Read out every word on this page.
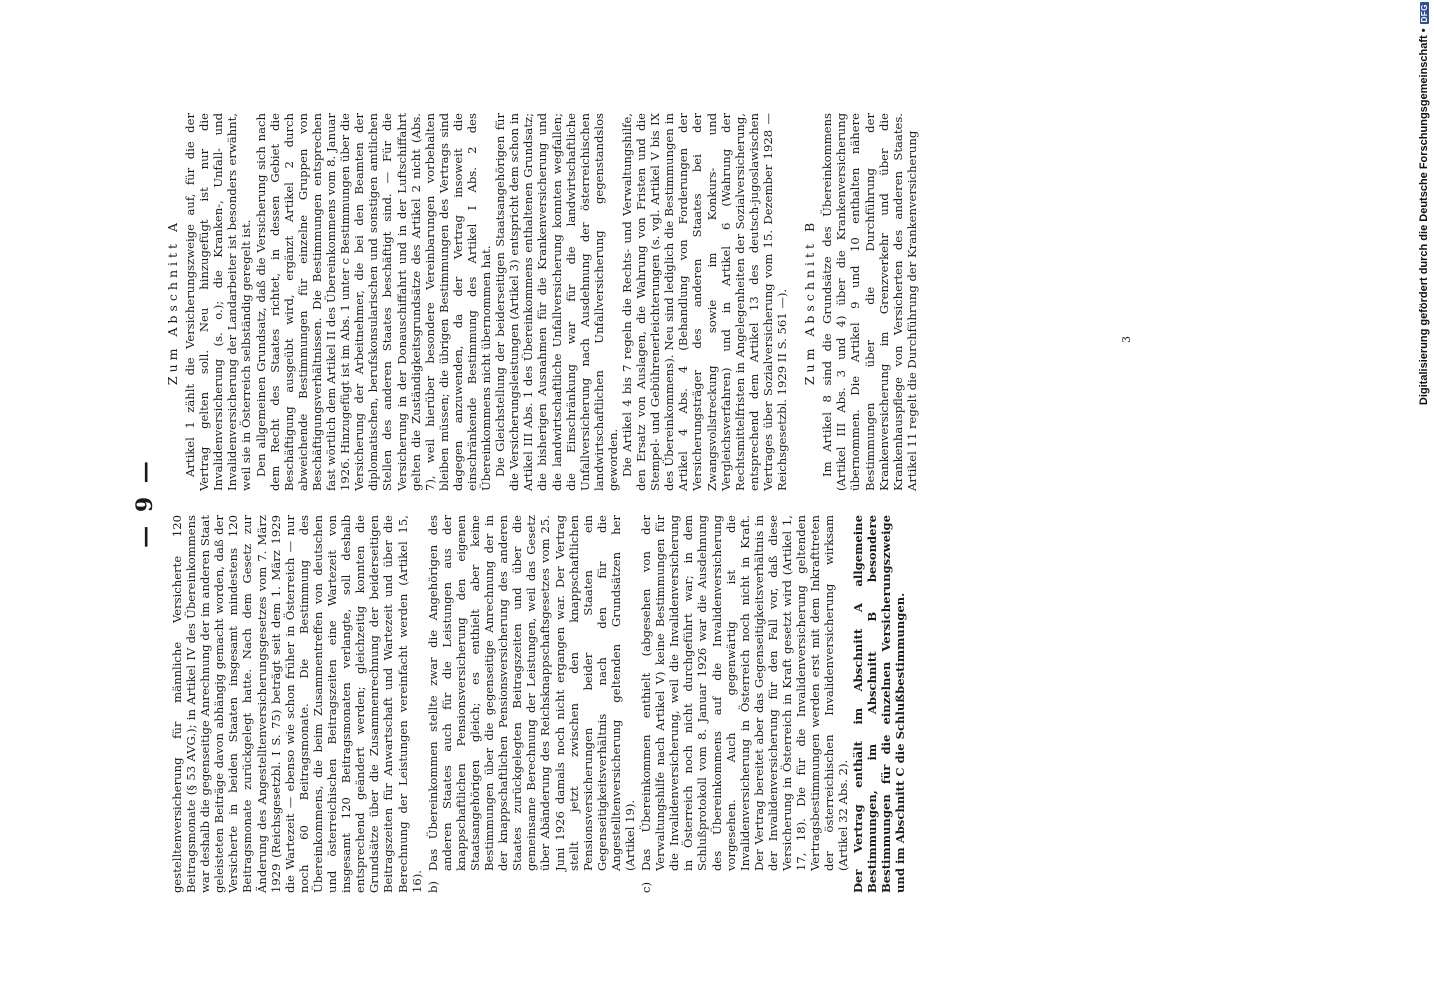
— 9 —

gestelltenversicherung für männliche Versicherte 120 Beitragsmonate (§ 53 AVG.); in Artikel IV des Übereinkommens war deshalb die gegenseitige Anrechnung der im anderen Staat geleisteten Beiträge davon abhängig gemacht worden, daß der Versicherte in beiden Staaten insgesamt mindestens 120 Beitragsmonate zurückgelegt hatte. Nach dem Gesetz zur Änderung des Angestelltenversicherungsgesetzes vom 7. März 1929 (Reichsgesetzbl. I S. 75) beträgt seit dem 1. März 1929 die Wartezeit — ebenso wie schon früher in Österreich — nur noch 60 Beitragsmonate. Die Bestimmung des Übereinkommens, die beim Zusammentreffen von deutschen und österreichischen Beitragszeiten eine Wartezeit von insgesamt 120 Beitragsmonaten verlangte, soll deshalb entsprechend geändert werden; gleichzeitig konnten die Grundsätze über die Zusammenrechnung der beiderseitigen Beitragszeiten für Anwartschaft und Wartezeit und über die Berechnung der Leistungen vereinfacht werden (Artikel 15, 16). b)
Das Übereinkommen stellte zwar die Angehörigen des anderen Staates auch für die Leistungen aus der knappschaftlichen Pensionsversicherung den eigenen Staatsangehörigen gleich; es enthielt aber keine Bestimmungen über die gegenseitige Anrechnung der in der knappschaftlichen Pensionsversicherung des anderen Staates zurückgelegten Beitragszeiten und über die gemeinsame Berechnung der Leistungen, weil das Gesetz über Abänderung des Reichsknappschaftsgesetzes vom 25. Juni 1926 damals noch nicht ergangen war. Der Vertrag stellt jetzt zwischen den knappschaftlichen Pensionsversicherungen beider Staaten ein Gegenseitigkeitsverhältnis nach den für die Angestelltenversicherung geltenden Grundsätzen her (Artikel 19).
c)
Das Übereinkommen enthielt (abgesehen von der Verwaltungshilfe nach Artikel V) keine Bestimmungen für die Invalidenversicherung, weil die Invalidenversicherung in Österreich noch nicht durchgeführt war; in dem Schlußprotokoll vom 8. Januar 1926 war die Ausdehnung des Übereinkommens auf die Invalidenversicherung vorgesehen. Auch gegenwärtig ist die Invalidenversicherung in Österreich noch nicht in Kraft. Der Vertrag bereitet aber das Gegenseitigkeitsverhältnis in der Invalidenversicherung für den Fall vor, daß diese Versicherung in Österreich in Kraft gesetzt wird (Artikel 1, 17, 18). Die für die Invalidenversicherung geltenden Vertragsbestimmungen werden erst mit dem Inkrafttreten der österreichischen Invalidenversicherung wirksam (Artikel 32 Abs. 2). Der Vertrag enthält im Abschnitt A allgemeine Bestimmungen, im Abschnitt B besondere Bestimmungen für die einzelnen Versicherungszweige und im Abschnitt C die Schlußbestimmungen.

Zum Abschnitt A Artikel 1 zählt die Versicherungszweige auf, für die der Vertrag gelten soll. Neu hinzugefügt ist nur die Invalidenversicherung (s. o.); die Kranken-, Unfall- und Invalidenversicherung der Landarbeiter ist besonders erwähnt, weil sie in Österreich selbständig geregelt ist. Den allgemeinen Grundsatz, daß die Versicherung sich nach dem Recht des Staates richtet, in dessen Gebiet die Beschäftigung ausgeübt wird, ergänzt Artikel 2 durch abweichende Bestimmungen für einzelne Gruppen von Beschäftigungsverhältnissen. Die Bestimmungen entsprechen fast wörtlich dem Artikel II des Übereinkommens vom 8. Januar 1926. Hinzugefügt ist im Abs. 1 unter c Bestimmungen über die Versicherung der Arbeitnehmer, die bei den Beamten der diplomatischen, berufskonsularischen und sonstigen amtlichen Stellen des anderen Staates beschäftigt sind. — Für die Versicherung in der Donauschiffahrt und in der Luftschiffahrt gelten die Zuständigkeitsgrundsätze des Artikel 2 nicht (Abs. 7), weil hierüber besondere Vereinbarungen vorbehalten bleiben müssen; die übrigen Bestimmungen des Vertrags sind dagegen anzuwenden, da der Vertrag insoweit die einschränkende Bestimmung des Artikel I Abs. 2 des Übereinkommens nicht übernommen hat. Die Gleichstellung der beiderseitigen Staatsangehörigen für die Versicherungsleistungen (Artikel 3) entspricht dem schon in Artikel III Abs. 1 des Übereinkommens enthaltenen Grundsatz; die bisherigen Ausnahmen für die Krankenversicherung und die landwirtschaftliche Unfallversicherung konnten wegfallen; die Einschränkung war für die landwirtschaftliche Unfallversicherung nach Ausdehnung der österreichischen landwirtschaftlichen Unfallversicherung gegenstandslos geworden. Die Artikel 4 bis 7 regeln die Rechts- und Verwaltungshilfe, den Ersatz von Auslagen, die Wahrung von Fristen und die Stempel- und Gebührenerleichterungen (s. vgl. Artikel V bis IX des Übereinkommens). Neu sind lediglich die Bestimmungen in Artikel 4 Abs. 4 (Behandlung von Forderungen der Versicherungsträger des anderen Staates bei der Zwangsvollstreckung sowie im Konkurs- und Vergleichsverfahren) und in Artikel 6 (Wahrung der Rechtsmittelfristen in Angelegenheiten der Sozialversicherung, entsprechend dem Artikel 13 des deutsch-jugoslawischen Vertrages über Sozialversicherung vom 15. Dezember 1928 — Reichsgesetzbl. 1929 II S. 561 —). Zum Abschnitt B Im Artikel 8 sind die Grundsätze des Übereinkommens (Artikel III Abs. 3 und 4) über die Krankenversicherung übernommen. Die Artikel 9 und 10 enthalten nähere Bestimmungen über die Durchführung der Krankenversicherung im Grenzverkehr und über die Krankenhauspflege von Versicherten des anderen Staates. Artikel 11 regelt die Durchführung der Krankenversicherung	3	Digitalisierung gefördert durch die Deutsche Forschungsgemeinschaft •
DFG
